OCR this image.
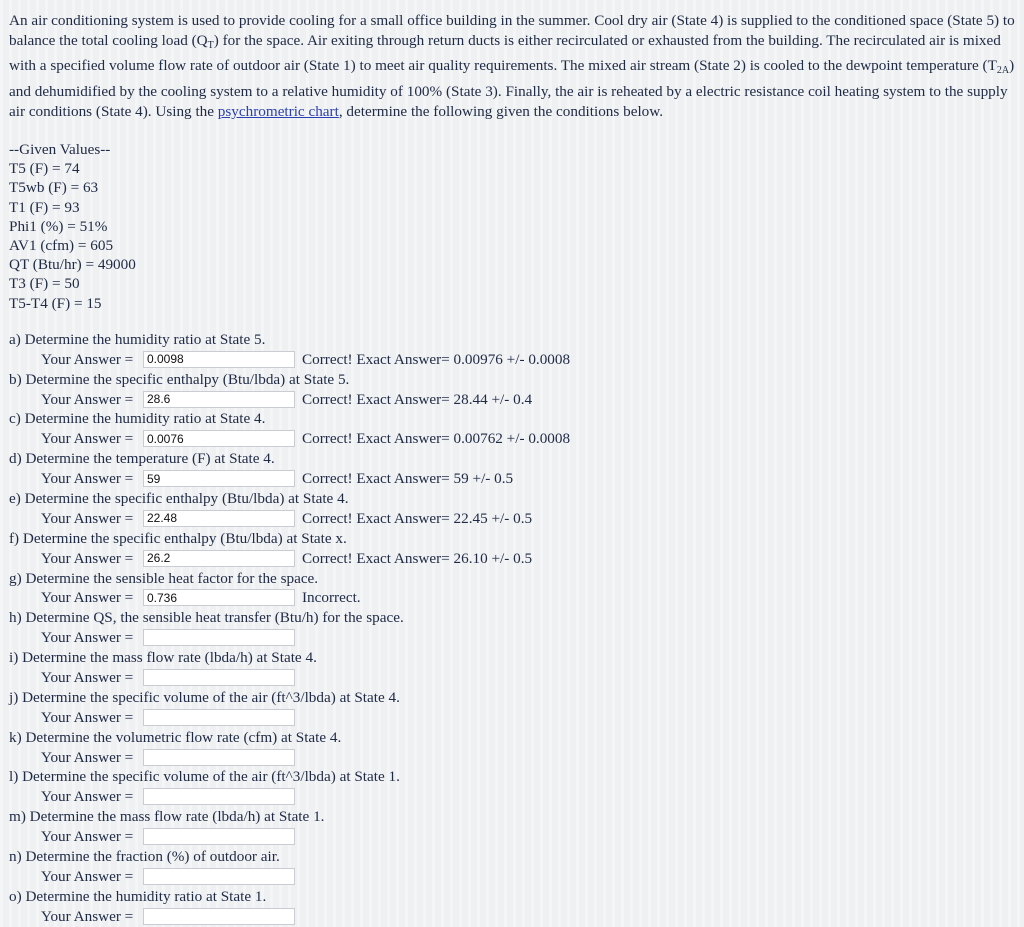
An air conditioning system is used to provide cooling for a small office building in the summer. Cool dry air (State 4) is supplied to the conditioned space (State 5) to balance the total cooling load $(Q_T)$ for the space. Air exiting through return ducts is either recirculated or exhausted from the building. The recirculated air is mixed with a specified volume flow rate of outdoor air (State 1) to meet air quality requirements. The mixed air stream (State 2) is cooled to the dewpoint temperature $(T_{2A})$ and dehumidified by the cooling system to a relative humidity of 100% (State 3). Finally, the air is reheated by a electric resistance coil heating system to the supply air conditions (State 4). Using the psychrometric chart, determine the following given the conditions below.

--Given Values--
T5 (F) = 74
T5wb (F) = 63
T1 (F) = 93
Phi1 (%) = 51%
AV1 (cfm) = 605
QT (Btu/hr) = 49000
T3 (F) = 50
T5-T4 (F) = 15
a) Determine the humidity ratio at State 5.
Your Answer =
0.0098	Correct! Exact Answer= 0.00976 +/- 0.0008
b) Determine the specific enthalpy (Btu/lbda) at State 5.
Your Answer =
28.6	Correct! Exact Answer= 28.44 +/- 0.4
c) Determine the humidity ratio at State 4.
Your Answer =
0.0076	Correct! Exact Answer= 0.00762 +/- 0.0008
d) Determine the temperature (F) at State 4.
Your Answer =
59	Correct! Exact Answer= 59 +/- 0.5
e) Determine the specific enthalpy (Btu/lbda) at State 4.
Your Answer =
22.48	Correct! Exact Answer= 22.45 +/- 0.5
f) Determine the specific enthalpy (Btu/lbda) at State x.
Your Answer =
26.2	Correct! Exact Answer= 26.10 +/- 0.5
g) Determine the sensible heat factor for the space.
Your Answer =
0.736	Incorrect.
h) Determine QS, the sensible heat transfer (Btu/h) for the space.
Your Answer =
i) Determine the mass flow rate (lbda/h) at State 4.
Your Answer =
j) Determine the specific volume of the air (ft^3/lbda) at State 4.
Your Answer =
k) Determine the volumetric flow rate (cfm) at State 4.
Your Answer =
l) Determine the specific volume of the air (ft^3/lbda) at State 1.
Your Answer =
m) Determine the mass flow rate (lbda/h) at State 1.
Your Answer =
n) Determine the fraction (%) of outdoor air.
Your Answer =
o) Determine the humidity ratio at State 1.
Your Answer =
